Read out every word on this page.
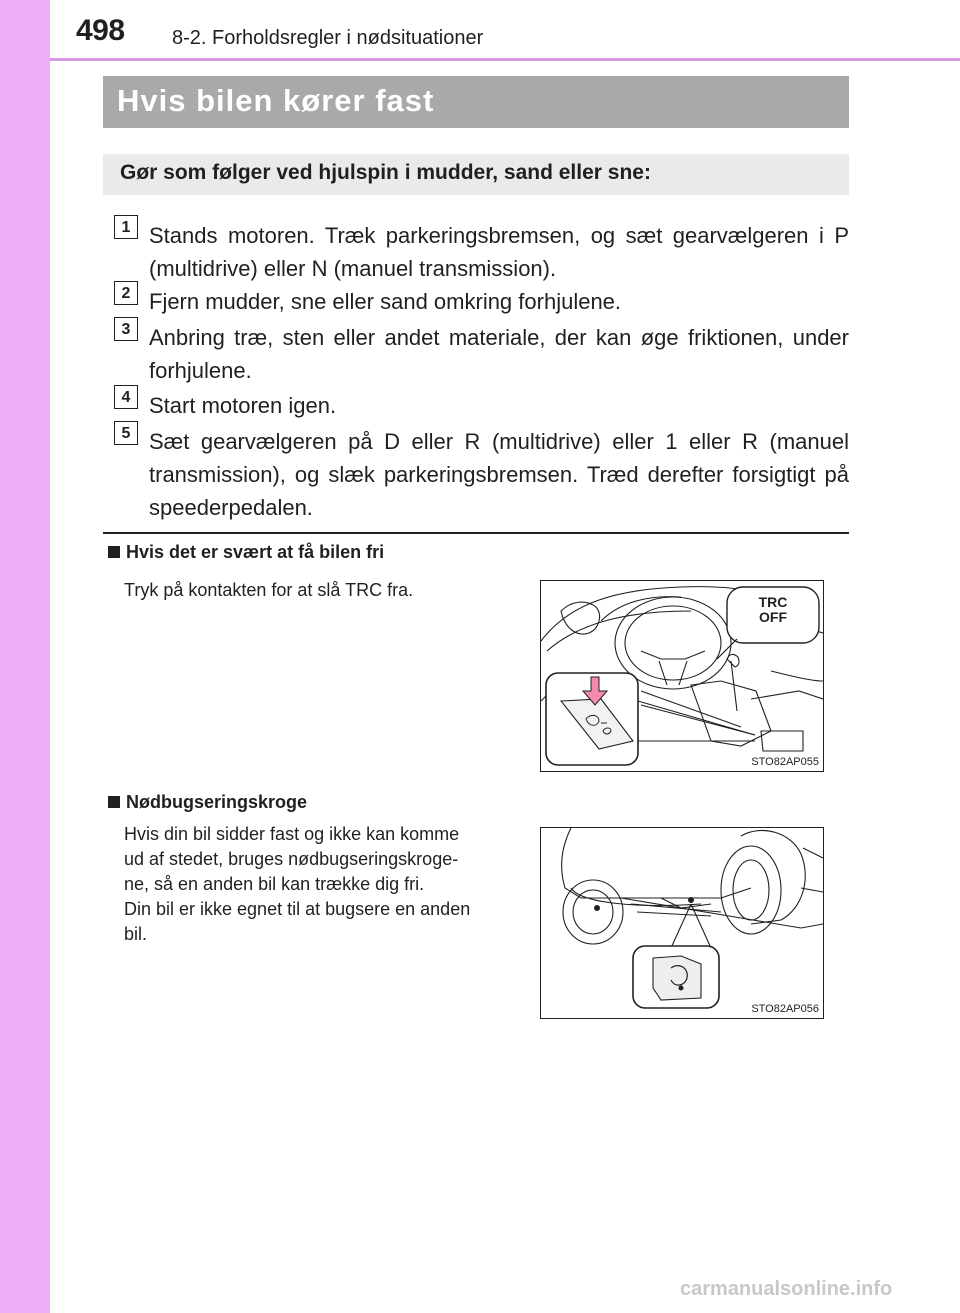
498 8-2. Forholdsregler i nødsituationer
Hvis bilen kører fast
Gør som følger ved hjulspin i mudder, sand eller sne:
1 Stands motoren. Træk parkeringsbremsen, og sæt gearvælgeren i P (multidrive) eller N (manuel transmission).
2 Fjern mudder, sne eller sand omkring forhjulene.
3 Anbring træ, sten eller andet materiale, der kan øge friktionen, under forhjulene.
4 Start motoren igen.
5 Sæt gearvælgeren på D eller R (multidrive) eller 1 eller R (manuel transmission), og slæk parkeringsbremsen. Træd derefter forsigtigt på speederpedalen.
Hvis det er svært at få bilen fri
Tryk på kontakten for at slå TRC fra.
TRC
OFF
STO82AP055
Nødbugseringskroge
Hvis din bil sidder fast og ikke kan komme
ud af stedet, bruges nødbugseringskroge-
ne, så en anden bil kan trække dig fri.
Din bil er ikke egnet til at bugsere en anden
bil.
STO82AP056
carmanualsonline.info
